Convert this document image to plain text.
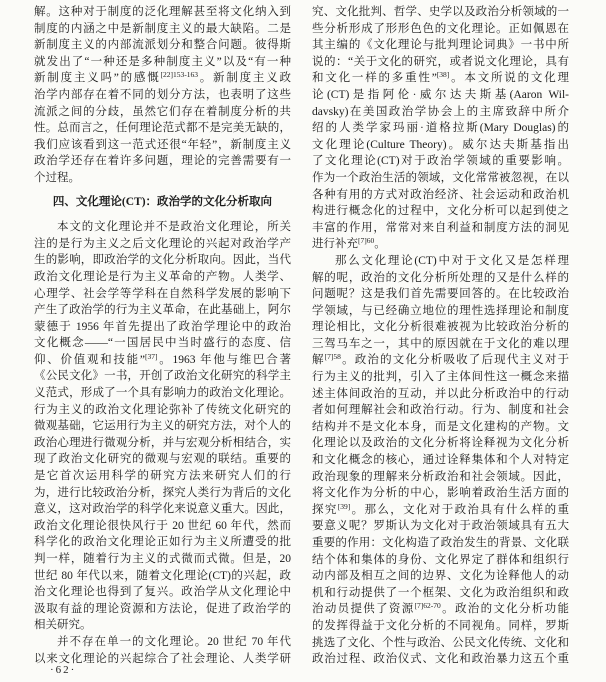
解。这种对于制度的泛化理解甚至将文化纳入到
制度的内涵之中是新制度主义的最大缺陷。二是
新制度主义的内部流派划分和整合问题。彼得斯
就发出了“一种还是多种制度主义”以及“有一种
新制度主义吗”的感慨$^{[22]153-163}$。新制度主义政
治学内部存在着不同的划分方法，也表明了这些
流派之间的分歧，虽然它们存在着制度分析的共
性。总而言之，任何理论范式都不是完美无缺的，
我们应该看到这一范式还很“年轻”，新制度主义
政治学还存在着许多问题，理论的完善需要有一
个过程。
四、文化理论(CT)：政治学的文化分析取向
本文的文化理论并不是政治文化理论，所关
注的是行为主义之后文化理论的兴起对政治学产
生的影响，即政治学的文化分析取向。因此，当代
政治文化理论是行为主义革命的产物。人类学、
心理学、社会学等学科在自然科学发展的影响下
产生了政治学的行为主义革命，在此基础上，阿尔
蒙德于 1956 年首先提出了政治学理论中的政治
文化概念——“一国居民中当时盛行的态度、信
仰、价值观和技能”[37]。1963 年他与维巴合著
《公民文化》一书，开创了政治文化研究的科学主
义范式，形成了一个具有影响力的政治文化理论。
行为主义的政治文化理论弥补了传统文化研究的
微观基础，它运用行为主义的研究方法，对个人的
政治心理进行微观分析，并与宏观分析相结合，实
现了政治文化研究的微观与宏观的联结。重要的
是它首次运用科学的研究方法来研究人们的行
为，进行比较政治分析，探究人类行为背后的文化
意义，这对政治学的科学化来说意义重大。因此，
政治文化理论很快风行于 20 世纪 60 年代，然而
科学化的政治文化理论正如行为主义所遭受的批
判一样，随着行为主义的式微而式微。但是，20
世纪 80 年代以来，随着文化理论(CT)的兴起，政
治文化理论也得到了复兴。政治学从文化理论中
汲取有益的理论资源和方法论，促进了政治学的
相关研究。
并不存在单一的文化理论。20 世纪 70 年代
以来文化理论的兴起综合了社会理论、人类学研
究、文化批判、哲学、史学以及政治分析领域的一
些分析形成了形形色色的文化理论。正如佩恩在
其主编的《文化理论与批判理论词典》一书中所
说的：“关于文化的研究，或者说文化理论，具有
和文化一样的多重性”[38]。本文所说的文化理
论(CT)是指阿伦·威尔达夫斯基(Aaron Wil-
davsky)在美国政治学协会上的主席致辞中所介
绍的人类学家玛丽·道格拉斯(Mary Douglas)的
文化理论(Culture Theory)。威尔达夫斯基指出
了文化理论(CT)对于政治学领域的重要影响。
作为一个政治生活的领域，文化常常被忽视，在以
各种有用的方式对政治经济、社会运动和政治机
构进行概念化的过程中，文化分析可以起到使之
丰富的作用，常常对来自利益和制度方法的洞见
进行补充$^{[7]60}$。
那么文化理论(CT)中对于文化又是怎样理
解的呢，政治的文化分析所处理的又是什么样的
问题呢？这是我们首先需要回答的。在比较政治
学领域，与已经确立地位的理性选择理论和制度
理论相比，文化分析很难被视为比较政治分析的
三驾马车之一，其中的原因就在于文化的难以理
解$^{[7]58}$。政治的文化分析吸收了后现代主义对于
行为主义的批判，引入了主体间性这一概念来描
述主体间政治的互动，并以此分析政治中的行动
者如何理解社会和政治行动。行为、制度和社会
结构并不是文化本身，而是文化建构的产物。文
化理论以及政治的文化分析将诠释视为文化分析
和文化概念的核心，通过诠释集体和个人对特定
政治现象的理解来分析政治和社会领域。因此，
将文化作为分析的中心，影响着政治生活方面的
探究[39]。那么，文化对于政治具有什么样的重
要意义呢？罗斯认为文化对于政治领域具有五大
重要的作用：文化构造了政治发生的背景、文化联
结个体和集体的身份、文化界定了群体和组织行
动内部及相互之间的边界、文化为诠释他人的动
机和行动提供了一个框架、文化为政治组织和政
治动员提供了资源$^{[7]62-70}$。政治的文化分析功能
的发挥得益于文化分析的不同视角。同样，罗斯
挑选了文化、个性与政治、公民文化传统、文化和
政治过程、政治仪式、文化和政治暴力这五个重
·62·
